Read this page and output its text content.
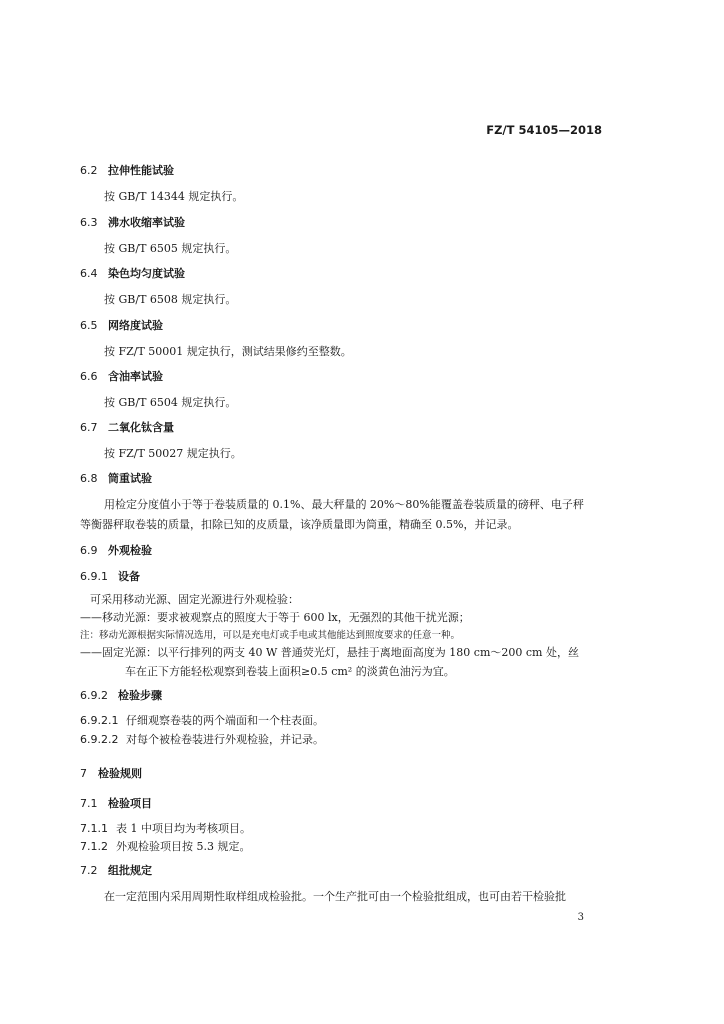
FZ/T 54105—2018
6.2 拉伸性能试验
按 GB/T 14344 规定执行。
6.3 沸水收缩率试验
按 GB/T 6505 规定执行。
6.4 染色均匀度试验
按 GB/T 6508 规定执行。
6.5 网络度试验
按 FZ/T 50001 规定执行，测试结果修约至整数。
6.6 含油率试验
按 GB/T 6504 规定执行。
6.7 二氧化钛含量
按 FZ/T 50027 规定执行。
6.8 筒重试验
用检定分度值小于等于卷装质量的 0.1%、最大秤量的 20%～80%能覆盖卷装质量的磅秤、电子秤
等衡器秤取卷装的质量，扣除已知的皮质量，该净质量即为筒重，精确至 0.5%，并记录。
6.9 外观检验
6.9.1 设备
可采用移动光源、固定光源进行外观检验：
——移动光源：要求被观察点的照度大于等于 600 lx，无强烈的其他干扰光源；
注：移动光源根据实际情况选用，可以是充电灯或手电或其他能达到照度要求的任意一种。
——固定光源：以平行排列的两支 40 W 普通荧光灯，悬挂于离地面高度为 180 cm～200 cm 处，丝
车在正下方能轻松观察到卷装上面积≥0.5 cm² 的淡黄色油污为宜。
6.9.2 检验步骤
6.9.2.1 仔细观察卷装的两个端面和一个柱表面。
6.9.2.2 对每个被检卷装进行外观检验，并记录。
7 检验规则
7.1 检验项目
7.1.1 表 1 中项目均为考核项目。
7.1.2 外观检验项目按 5.3 规定。
7.2 组批规定
在一定范围内采用周期性取样组成检验批。一个生产批可由一个检验批组成，也可由若干检验批
3
